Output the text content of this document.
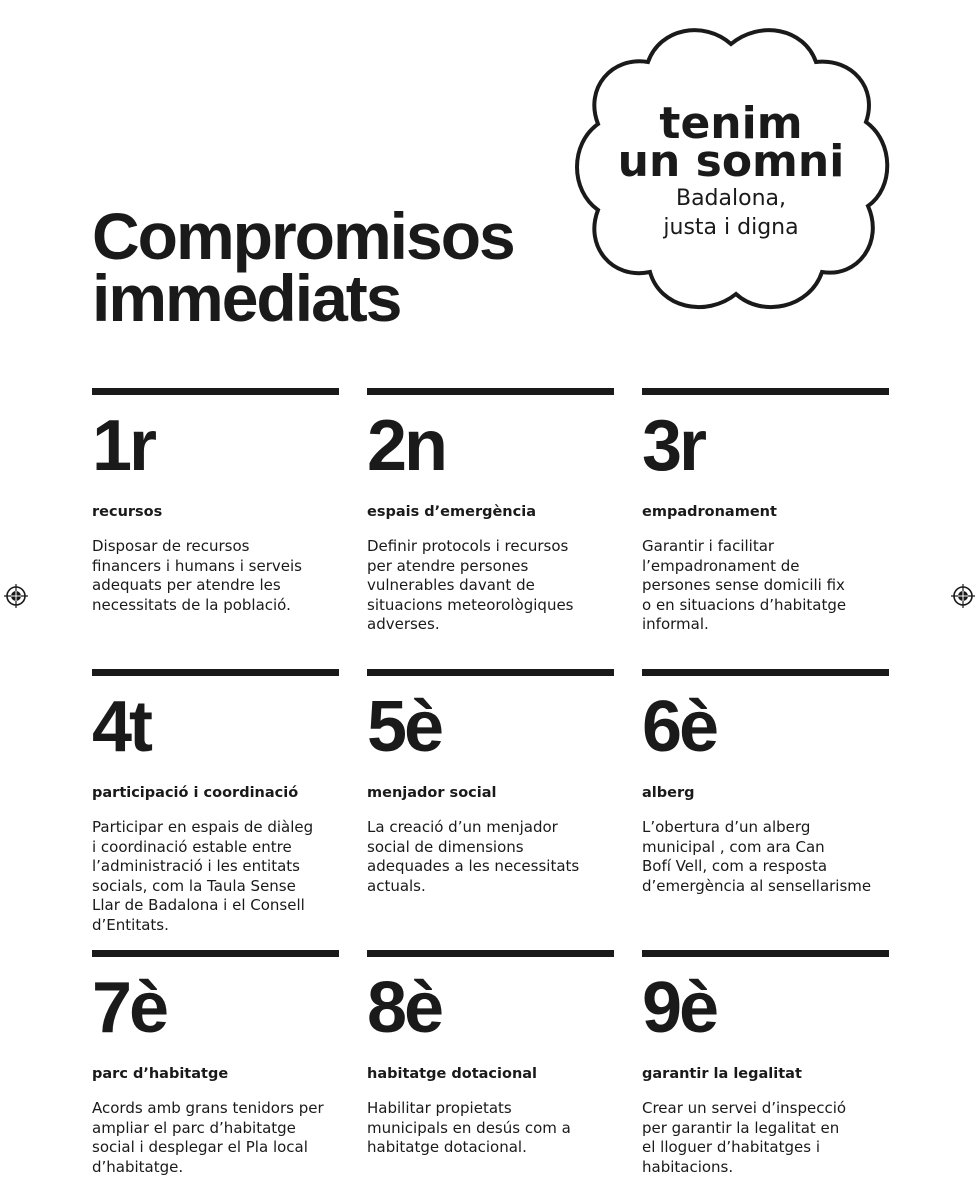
tenim
un somni
Badalona,
justa i digna
Compromisos
immediats
1r
recursos
Disposar de recursos
financers i humans i serveis
adequats per atendre les
necessitats de la població.
2n
espais d’emergència
Definir protocols i recursos
per atendre persones
vulnerables davant de
situacions meteorològiques
adverses.
3r
empadronament
Garantir i facilitar
l’empadronament de
persones sense domicili fix
o en situacions d’habitatge
informal.
4t
participació i coordinació
Participar en espais de diàleg
i coordinació estable entre
l’administració i les entitats
socials, com la Taula Sense
Llar de Badalona i el Consell
d’Entitats.
5è
menjador social
La creació d’un menjador
social de dimensions
adequades a les necessitats
actuals.
6è
alberg
L’obertura d’un alberg
municipal , com ara Can
Bofí Vell, com a resposta
d’emergència al sensellarisme
7è
parc d’habitatge
Acords amb grans tenidors per
ampliar el parc d’habitatge
social i desplegar el Pla local
d’habitatge.
8è
habitatge dotacional
Habilitar propietats
municipals en desús com a
habitatge dotacional.
9è
garantir la legalitat
Crear un servei d’inspecció
per garantir la legalitat en
el lloguer d’habitatges i
habitacions.
